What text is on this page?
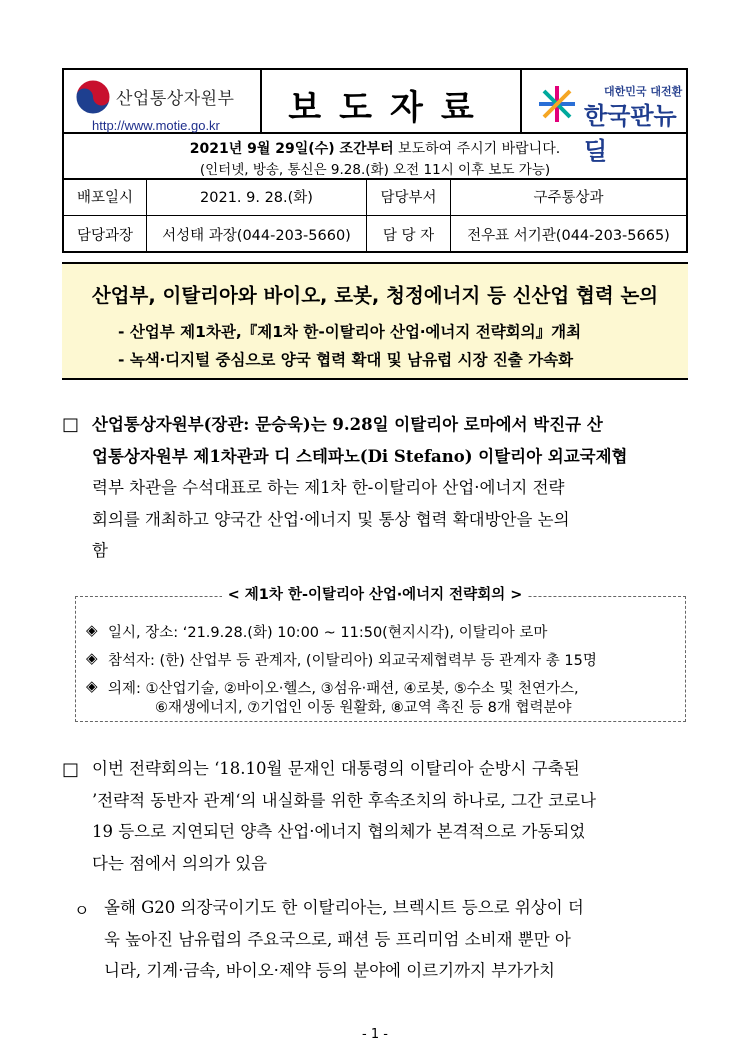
산업통상자원부
http://www.motie.go.kr	보도자료	대한민국 대전환
한국판뉴딜
2021년 9월 29일(수) 조간부터 보도하여 주시기 바랍니다.
(인터넷, 방송, 통신은 9.28.(화) 오전 11시 이후 보도 가능)
배포일시	2021. 9. 28.(화)	담당부서	구주통상과
담당과장	서성태 과장(044-203-5660)	담 당 자	전우표 서기관(044-203-5665)
산업부, 이탈리아와 바이오, 로봇, 청정에너지 등 신산업 협력 논의
- 산업부 제1차관,『제1차 한-이탈리아 산업‧에너지 전략회의』개최
- 녹색‧디지털 중심으로 양국 협력 확대 및 남유럽 시장 진출 가속화
□ 산업통상자원부(장관: 문승욱)는 9.28일 이탈리아 로마에서 박진규 산
업통상자원부 제1차관과 디 스테파노(Di Stefano) 이탈리아 외교국제협
력부 차관을 수석대표로 하는 제1차 한-이탈리아 산업·에너지 전략
회의를 개최하고 양국간 산업·에너지 및 통상 협력 확대방안을 논의
함
< 제1차 한-이탈리아 산업‧에너지 전략회의 >
◈ 일시, 장소: ‘21.9.28.(화) 10:00 ~ 11:50(현지시각), 이탈리아 로마
◈ 참석자: (한) 산업부 등 관계자, (이탈리아) 외교국제협력부 등 관계자 총 15명
◈ 의제: ①산업기술, ②바이오‧헬스, ③섬유‧패션, ④로봇, ⑤수소 및 천연가스,
⑥재생에너지, ⑦기업인 이동 원활화, ⑧교역 촉진 등 8개 협력분야
□ 이번 전략회의는 ‘18.10월 문재인 대통령의 이탈리아 순방시 구축된
’전략적 동반자 관계‘의 내실화를 위한 후속조치의 하나로, 그간 코로나
19 등으로 지연되던 양측 산업·에너지 협의체가 본격적으로 가동되었
다는 점에서 의의가 있음
ㅇ 올해 G20 의장국이기도 한 이탈리아는, 브렉시트 등으로 위상이 더
욱 높아진 남유럽의 주요국으로, 패션 등 프리미엄 소비재 뿐만 아
니라, 기계·금속, 바이오·제약 등의 분야에 이르기까지 부가가치
- 1 -
